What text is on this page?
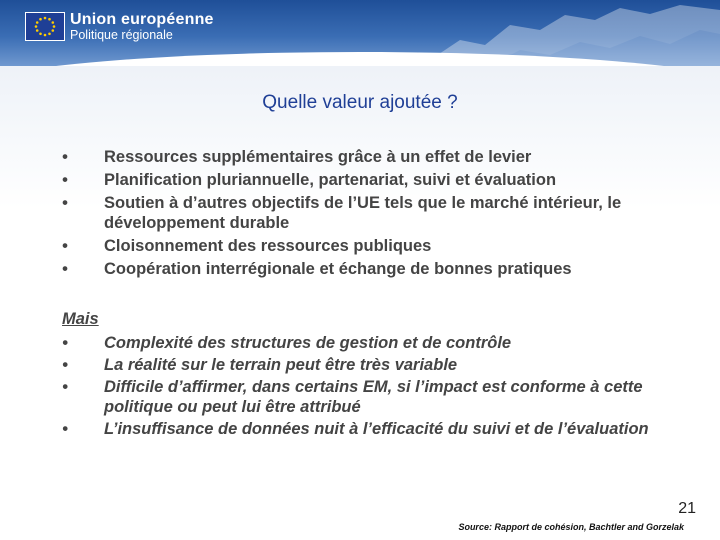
Union européenne
Politique régionale
Quelle valeur ajoutée ?
• Ressources supplémentaires grâce à un effet de levier
• Planification pluriannuelle, partenariat, suivi et évaluation
• Soutien à d’autres objectifs de l’UE tels que le marché intérieur, le développement durable
• Cloisonnement des ressources publiques
• Coopération interrégionale et échange de bonnes pratiques
Mais
• Complexité des structures de gestion et de contrôle
• La réalité sur le terrain peut être très variable
• Difficile d’affirmer, dans certains EM, si l’impact est conforme à cette politique ou peut lui être attribué
• L’insuffisance de données nuit à l’efficacité du suivi et de l’évaluation
21
Source: Rapport de cohésion, Bachtler and Gorzelak
